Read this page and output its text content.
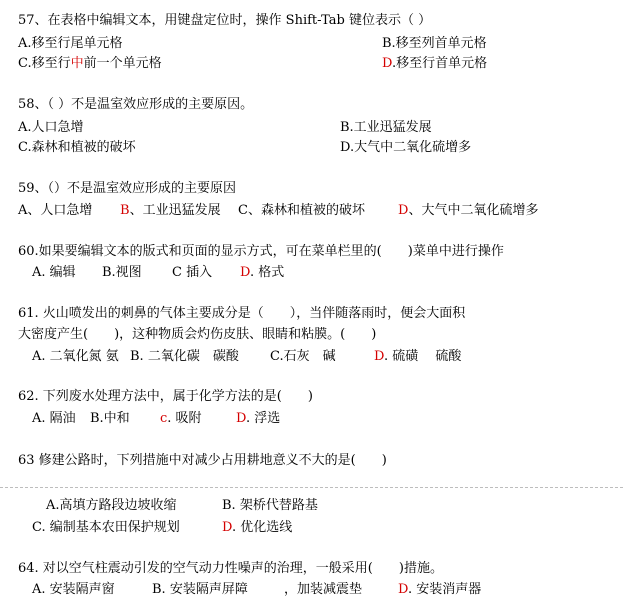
57、在表格中编辑文本，用键盘定位时，操作 Shift-Tab 键位表示（ ）
A.移至行尾单元格	B.移至列首单元格
C.移至行中前一个单元格	D.移至行首单元格
58、（ ）不是温室效应形成的主要原因。
A.人口急增	B.工业迅猛发展
C.森林和植被的破坏	D.大气中二氧化硫增多
59、（）不是温室效应形成的主要原因
A、人口急增 B、工业迅猛发展 C、森林和植被的破坏	D、大气中二氧化硫增多
60.如果要编辑文本的版式和页面的显示方式，可在菜单栏里的(　　)菜单中进行操作
A. 编辑 B.视图 C 插入 D. 格式
61. 火山喷发出的刺鼻的气体主要成分是（　　），当伴随落雨时，便会大面积
大密度产生(　　)，这种物质会灼伤皮肤、眼睛和粘膜。(　　)
A. 二氧化氮 氨 B. 二氧化碳　碳酸 C.石灰　碱	D. 硫磺　 硫酸
62. 下列废水处理方法中，属于化学方法的是(　　)
A. 隔油 B.中和 c. 吸附	D. 浮选
63 修建公路时，下列措施中对减少占用耕地意义不大的是(　　)
A.高填方路段边坡收缩	B. 架桥代替路基
C. 编制基本农田保护规划	D. 优化选线
64. 对以空气柱震动引发的空气动力性噪声的治理，一般采用(　　)措施。
A. 安装隔声窗	B. 安装隔声屏障	，加装减震垫	D. 安装消声器
